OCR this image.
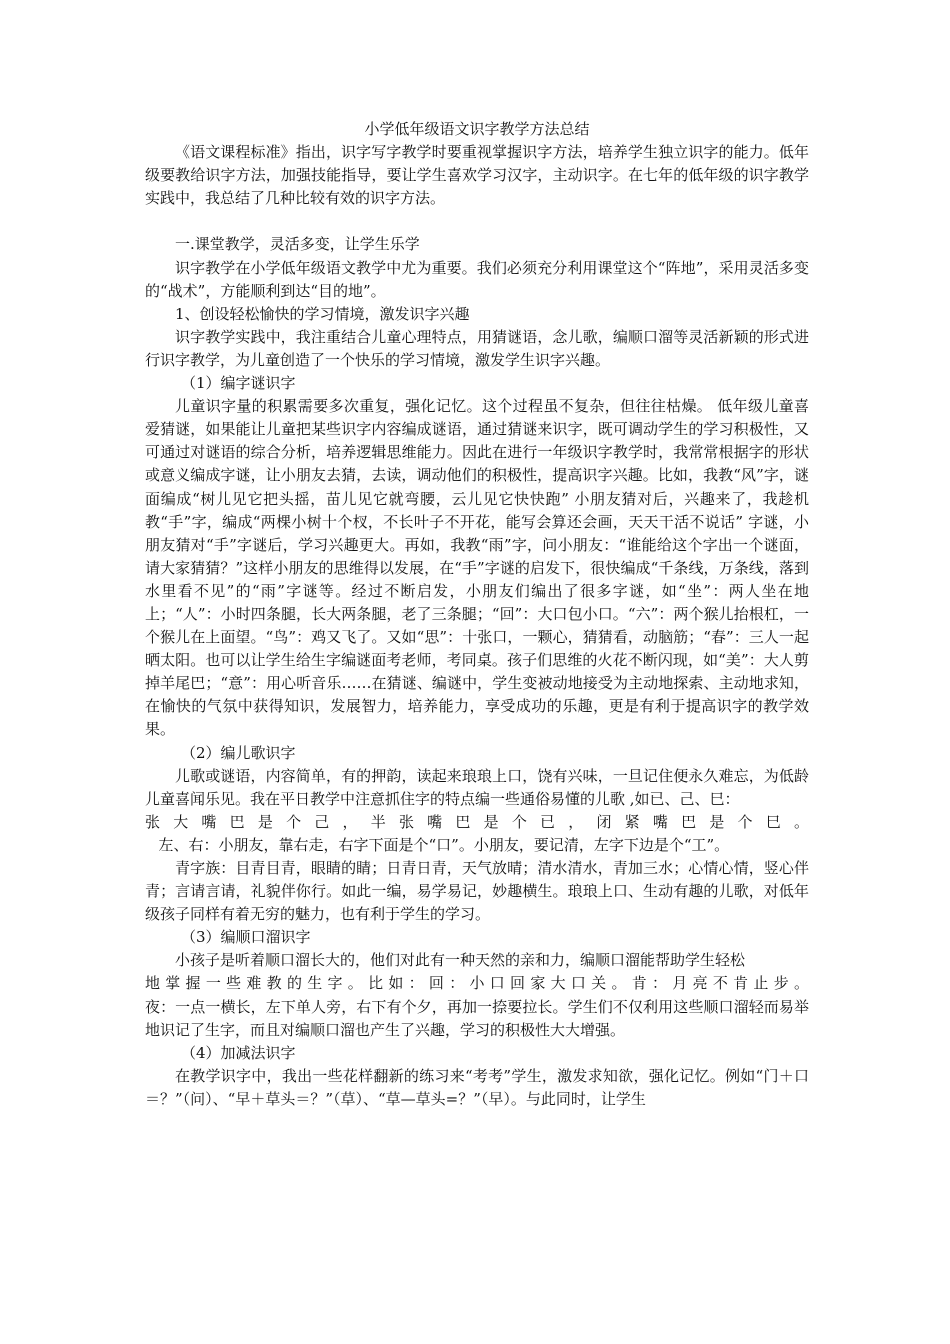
小学低年级语文识字教学方法总结

《语文课程标准》指出，识字写字教学时要重视掌握识字方法，培养学生独立识字的能力。低年级要教给识字方法，加强技能指导，要让学生喜欢学习汉字，主动识字。在七年的低年级的识字教学实践中，我总结了几种比较有效的识字方法。

一.课堂教学，灵活多变，让学生乐学

识字教学在小学低年级语文教学中尤为重要。我们必须充分利用课堂这个“阵地”，采用灵活多变的“战术”，方能顺利到达“目的地”。

1、创设轻松愉快的学习情境，激发识字兴趣

识字教学实践中，我注重结合儿童心理特点，用猜谜语，念儿歌，编顺口溜等灵活新颖的形式进行识字教学，为儿童创造了一个快乐的学习情境，激发学生识字兴趣。

（1）编字谜识字

儿童识字量的积累需要多次重复，强化记忆。这个过程虽不复杂，但往往枯燥。 低年级儿童喜爱猜谜，如果能让儿童把某些识字内容编成谜语，通过猜谜来识字，既可调动学生的学习积极性，又可通过对谜语的综合分析，培养逻辑思维能力。因此在进行一年级识字教学时，我常常根据字的形状或意义编成字谜，让小朋友去猜，去读，调动他们的积极性，提高识字兴趣。比如，我教“风”字，谜面编成“树儿见它把头摇，苗儿见它就弯腰，云儿见它快快跑” 小朋友猜对后，兴趣来了，我趁机教“手”字，编成“两棵小树十个杈，不长叶子不开花，能写会算还会画，天天干活不说话” 字谜，小朋友猜对“手”字谜后，学习兴趣更大。再如，我教“雨”字，问小朋友：“谁能给这个字出一个谜面，请大家猜猜？”这样小朋友的思维得以发展，在“手”字谜的启发下，很快编成“千条线，万条线，落到水里看不见”的“雨”字谜等。经过不断启发，小朋友们编出了很多字谜，如“坐”：两人坐在地上；“人”：小时四条腿，长大两条腿，老了三条腿；“回”：大口包小口。“六”：两个猴儿抬根杠，一个猴儿在上面望。“鸟”：鸡又飞了。又如“思”：十张口，一颗心，猜猜看，动脑筋；“春”：三人一起晒太阳。也可以让学生给生字编谜面考老师，考同桌。孩子们思维的火花不断闪现，如“美”：大人剪掉羊尾巴；“意”：用心听音乐……在猜谜、编谜中，学生变被动地接受为主动地探索、主动地求知，在愉快的气氛中获得知识，发展智力，培养能力，享受成功的乐趣，更是有利于提高识字的教学效果。

（2）编儿歌识字

儿歌或谜语，内容简单，有的押韵，读起来琅琅上口，饶有兴味，一旦记住便永久难忘，为低龄儿童喜闻乐见。我在平日教学中注意抓住字的特点编一些通俗易懂的儿歌 ,如已、己、巳：

张大嘴巴是个己，半张嘴巴是个已，闭紧嘴巴是个巳。

左、右：小朋友，靠右走，右字下面是个“口”。小朋友，要记清，左字下边是个“工”。

青字族：目青目青，眼睛的睛；日青日青，天气放晴；清水清水，青加三水；心情心情，竖心伴青；言请言请，礼貌伴你行。如此一编，易学易记，妙趣横生。琅琅上口、生动有趣的儿歌，对低年级孩子同样有着无穷的魅力，也有利于学生的学习。

（3）编顺口溜识字

小孩子是听着顺口溜长大的，他们对此有一种天然的亲和力，编顺口溜能帮助学生轻松

地掌握一些难教的生字。比如：回：小口回家大口关。肯：月亮不肯止步。

夜：一点一横长，左下单人旁，右下有个夕，再加一捺要拉长。学生们不仅利用这些顺口溜轻而易举地识记了生字，而且对编顺口溜也产生了兴趣，学习的积极性大大增强。

（4）加减法识字

在教学识字中，我出一些花样翻新的练习来“考考”学生，激发求知欲，强化记忆。例如“门＋口＝？”（问）、“早＋草头＝？”（草）、“草—草头=？”（早）。与此同时，让学生
